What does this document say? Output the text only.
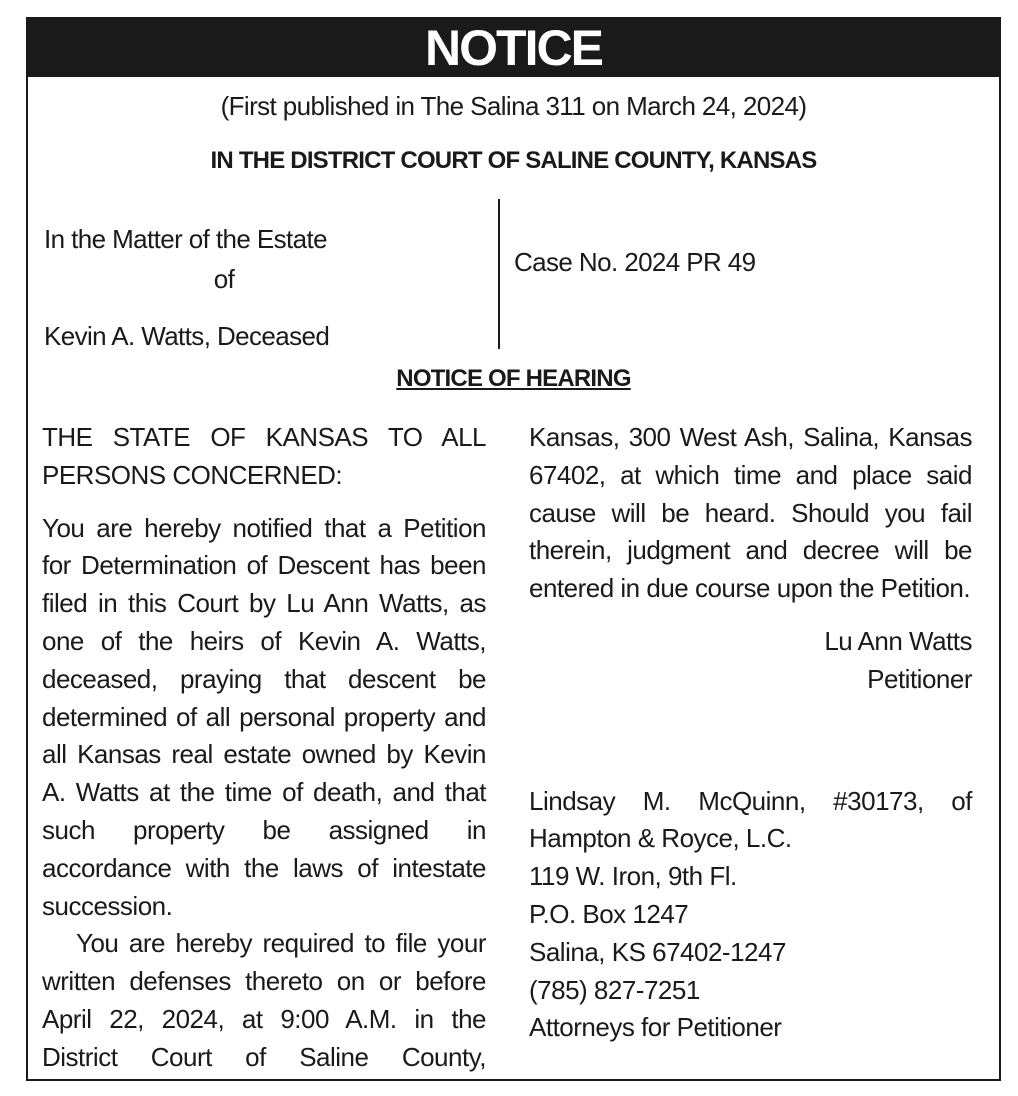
NOTICE
(First published in The Salina 311 on March 24, 2024)
IN THE DISTRICT COURT OF SALINE COUNTY, KANSAS
In the Matter of the Estate
of
Kevin A. Watts, Deceased
Case No. 2024 PR 49
NOTICE OF HEARING

THE STATE OF KANSAS TO ALL PERSONS CONCERNED:

You are hereby notified that a Petition for Determination of Descent has been filed in this Court by Lu Ann Watts, as one of the heirs of Kevin A. Watts, deceased, praying that descent be determined of all personal property and all Kansas real estate owned by Kevin A. Watts at the time of death, and that such property be assigned in accordance with the laws of intestate succession.

You are hereby required to file your written defenses thereto on or before April 22, 2024, at 9:00 A.M. in the District Court of Saline County,

Kansas, 300 West Ash, Salina, Kansas 67402, at which time and place said cause will be heard. Should you fail therein, judgment and decree will be entered in due course upon the Petition.

Lu Ann Watts
Petitioner

Lindsay M. McQuinn, #30173, of

Hampton & Royce, L.C.

119 W. Iron, 9th Fl.

P.O. Box 1247

Salina, KS 67402-1247

(785) 827-7251

Attorneys for Petitioner
